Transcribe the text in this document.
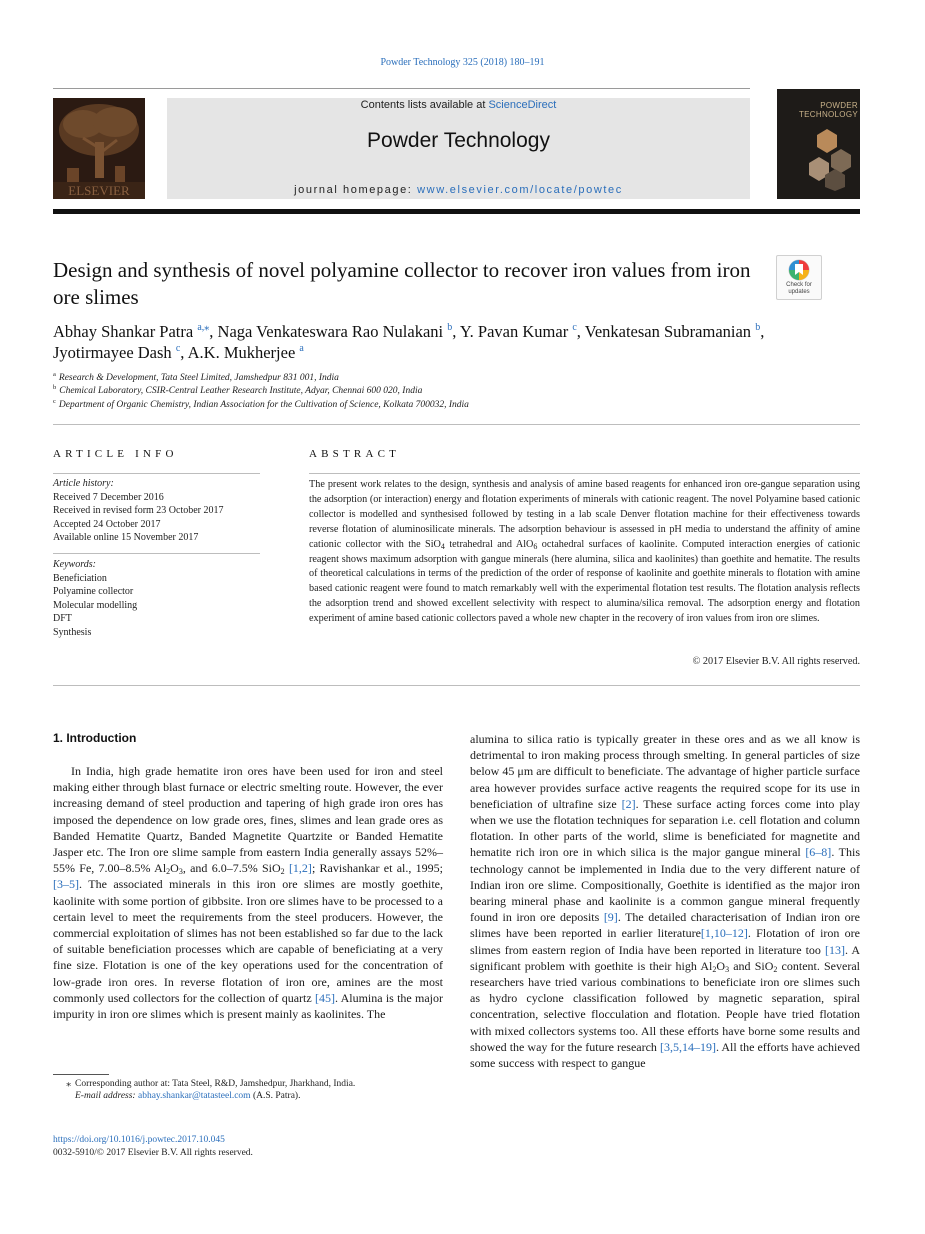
Powder Technology 325 (2018) 180–191
ELSEVIER
Contents lists available at ScienceDirect
Powder Technology
journal homepage: www.elsevier.com/locate/powtec
POWDER TECHNOLOGY
Design and synthesis of novel polyamine collector to recover iron values from iron ore slimes	Check for updates
Abhay Shankar Patra $^{a,⁎}$, Naga Venkateswara Rao Nulakani $^b$, Y. Pavan Kumar $^c$, Venkatesan Subramanian $^b$,
Jyotirmayee Dash $^c$, A.K. Mukherjee $^a$
$^a$ Research & Development, Tata Steel Limited, Jamshedpur 831 001, India
$^b$ Chemical Laboratory, CSIR-Central Leather Research Institute, Adyar, Chennai 600 020, India
$^c$ Department of Organic Chemistry, Indian Association for the Cultivation of Science, Kolkata 700032, India
ARTICLE INFO
Article history:
Received 7 December 2016
Received in revised form 23 October 2017
Accepted 24 October 2017
Available online 15 November 2017
Keywords:
Beneficiation
Polyamine collector
Molecular modelling
DFT
Synthesis
ABSTRACT
The present work relates to the design, synthesis and analysis of amine based reagents for enhanced iron ore-gangue separation using the adsorption (or interaction) energy and flotation experiments of minerals with cationic reagent. The novel Polyamine based cationic collector is modelled and synthesised followed by testing in a lab scale Denver flotation machine for their effectiveness towards reverse flotation of aluminosilicate minerals. The adsorption behaviour is assessed in pH media to understand the affinity of amine cationic collector with the SiO$_4$ tetrahedral and AlO$_6$ octahedral surfaces of kaolinite. Computed interaction energies of cationic reagent shows maximum adsorption with gangue minerals (here alumina, silica and kaolinites) than goethite and hematite. The results of theoretical calculations in terms of the prediction of the order of response of kaolinite and goethite minerals to flotation with amine based cationic reagent were found to match remarkably well with the experimental flotation test results. The flotation analysis reflects the adsorption trend and showed excellent selectivity with respect to alumina/silica removal. The adsorption energy and flotation experiment of amine based cationic collectors paved a whole new chapter in the recovery of iron values from iron ore slimes.
© 2017 Elsevier B.V. All rights reserved.
1. Introduction

In India, high grade hematite iron ores have been used for iron and steel making either through blast furnace or electric smelting route. However, the ever increasing demand of steel production and tapering of high grade iron ores has imposed the dependence on low grade ores, fines, slimes and lean grade ores as Banded Hematite Quartz, Banded Magnetite Quartzite or Banded Hematite Jasper etc. The Iron ore slime sample from eastern India generally assays 52%–55% Fe, 7.00–8.5% $Al_2O_3$, and 6.0–7.5% SiO$_2$ [1,2]; Ravishankar et al., 1995; [3–5]. The associated minerals in this iron ore slimes are mostly goethite, kaolinite with some portion of gibbsite. Iron ore slimes have to be processed to a certain level to meet the requirements from the steel producers. However, the commercial exploitation of slimes has not been established so far due to the lack of suitable beneficiation processes which are capable of beneficiating at a very fine size. Flotation is one of the key operations used for the concentration of low-grade iron ores. In reverse flotation of iron ore, amines are the most commonly used collectors for the collection of quartz [45]. Alumina is the major impurity in iron ore slimes which is present mainly as kaolinites. The

alumina to silica ratio is typically greater in these ores and as we all know is detrimental to iron making process through smelting. In general particles of size below 45 μm are difficult to beneficiate. The advantage of higher particle surface area however provides surface active reagents the required scope for its use in beneficiation of ultrafine size [2]. These surface acting forces come into play when we use the flotation techniques for separation i.e. cell flotation and column flotation. In other parts of the world, slime is beneficiated for magnetite and hematite rich iron ore in which silica is the major gangue mineral [6–8]. This technology cannot be implemented in India due to the very different nature of Indian iron ore slime. Compositionally, Goethite is identified as the major iron bearing mineral phase and kaolinite is a common gangue mineral frequently found in iron ore deposits [9]. The detailed characterisation of Indian iron ore slimes have been reported in earlier literature[1,10–12]. Flotation of iron ore slimes from eastern region of India have been reported in literature too [13]. A significant problem with goethite is their high $Al_2O_3$ and SiO$_2$ content. Several researchers have tried various combinations to beneficiate iron ore slimes such as hydro cyclone classification followed by magnetic separation, spiral concentration, selective flocculation and flotation. People have tried flotation with mixed collectors systems too. All these efforts have borne some results and showed the way for the future research [3,5,14–19]. All the efforts have achieved some success with respect to gangue

⁎ Corresponding author at: Tata Steel, R&D, Jamshedpur, Jharkhand, India.
E-mail address: abhay.shankar@tatasteel.com (A.S. Patra).
https://doi.org/10.1016/j.powtec.2017.10.045
0032-5910/© 2017 Elsevier B.V. All rights reserved.
